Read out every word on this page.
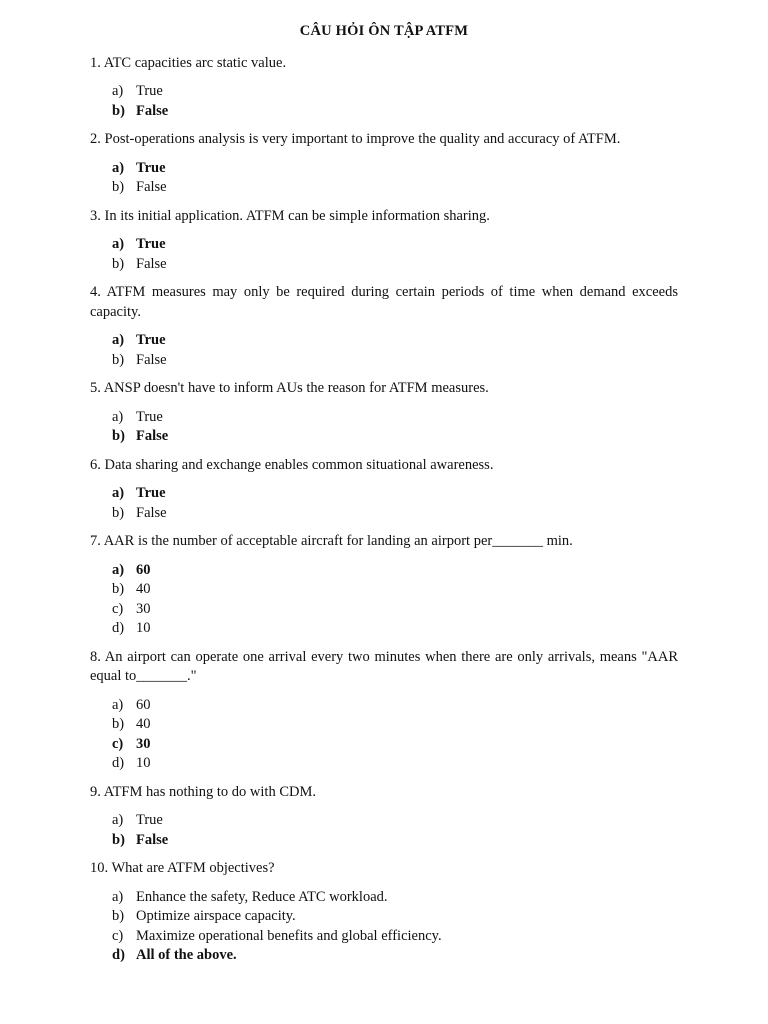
CÂU HỎI ÔN TẬP ATFM

1. ATC capacities arc static value.

a) True
b) False

2. Post-operations analysis is very important to improve the quality and accuracy of ATFM.

a) True
b) False

3. In its initial application. ATFM can be simple information sharing.

a) True
b) False

4. ATFM measures may only be required during certain periods of time when demand exceeds capacity.

a) True
b) False

5. ANSP doesn't have to inform AUs the reason for ATFM measures.

a) True
b) False

6. Data sharing and exchange enables common situational awareness.

a) True
b) False

7. AAR is the number of acceptable aircraft for landing an airport per_______ min.

a) 60
b) 40
c) 30
d) 10

8. An airport can operate one arrival every two minutes when there are only arrivals, means "AAR equal to_______."

a) 60
b) 40
c) 30
d) 10

9. ATFM has nothing to do with CDM.

a) True
b) False

10. What are ATFM objectives?

a) Enhance the safety, Reduce ATC workload.
b) Optimize airspace capacity.
c) Maximize operational benefits and global efficiency.
d) All of the above.
